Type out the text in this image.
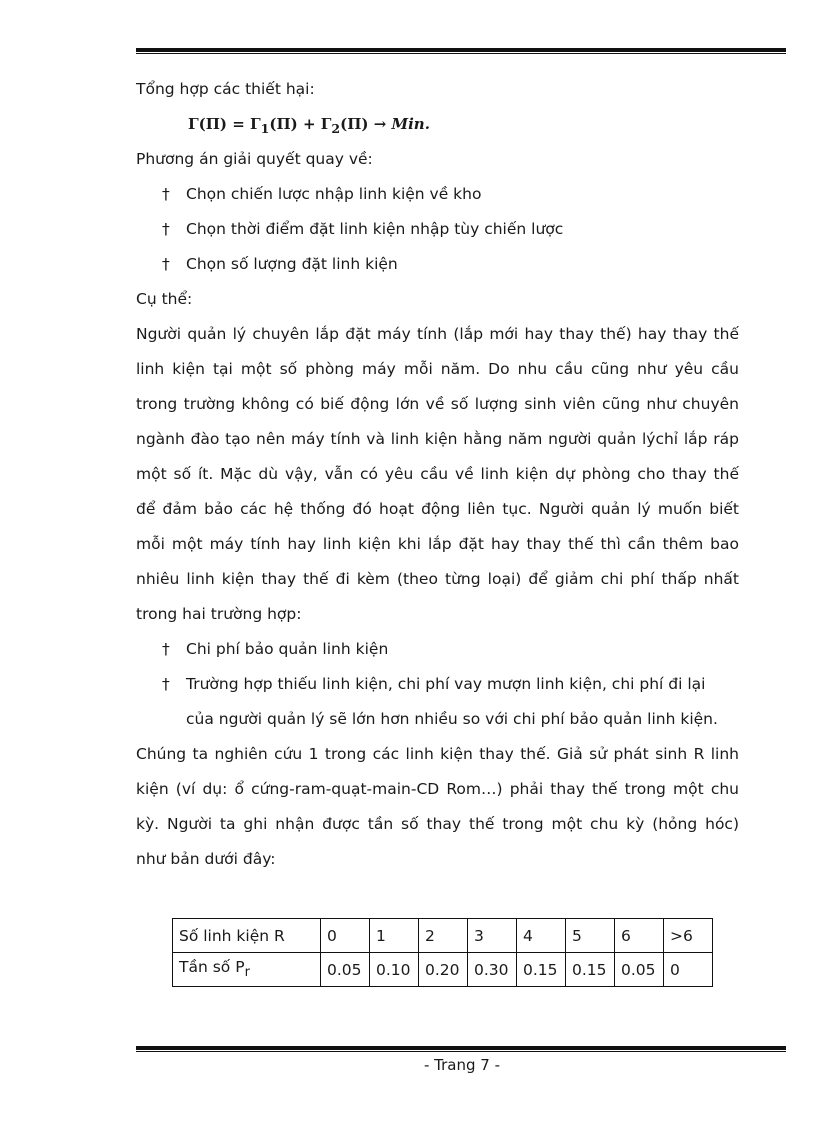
Tổng hợp các thiết hại:
$\Gamma(\Pi) = \Gamma_1(\Pi) + \Gamma_2(\Pi)$ → Min.
Phương án giải quyết quay về:
†	Chọn chiến lược nhập linh kiện về kho
†	Chọn thời điểm đặt linh kiện nhập tùy chiến lược
†	Chọn số lượng đặt linh kiện
Cụ thể:
Người quản lý chuyên lắp đặt máy tính (lắp mới hay thay thế) hay thay thế
linh kiện tại một số phòng máy mỗi năm. Do nhu cầu cũng như yêu cầu
trong trường không có biế động lớn về số lượng sinh viên cũng như chuyên
ngành đào tạo nên máy tính và linh kiện hằng năm người quản lýchỉ lắp ráp
một số ít. Mặc dù vậy, vẫn có yêu cầu về linh kiện dự phòng cho thay thế
để đảm bảo các hệ thống đó hoạt động liên tục. Người quản lý muốn biết
mỗi một máy tính hay linh kiện khi lắp đặt hay thay thế thì cần thêm bao
nhiêu linh kiện thay thế đi kèm (theo từng loại) để giảm chi phí thấp nhất
trong hai trường hợp:
†	Chi phí bảo quản linh kiện
†	Trường hợp thiếu linh kiện, chi phí vay mượn linh kiện, chi phí đi lại
của người quản lý sẽ lớn hơn nhiều so với chi phí bảo quản linh kiện.
Chúng ta nghiên cứu 1 trong các linh kiện thay thế. Giả sử phát sinh R linh
kiện (ví dụ: ổ cứng-ram-quạt-main-CD Rom…) phải thay thế trong một chu
kỳ. Người ta ghi nhận được tần số thay thế trong một chu kỳ (hỏng hóc)
như bản dưới đây:
Số linh kiện R	0	1	2	3	4	5	6	>6
Tần số $P_r$	0.05	0.10	0.20	0.30	0.15	0.15	0.05	0
- Trang 7 -
